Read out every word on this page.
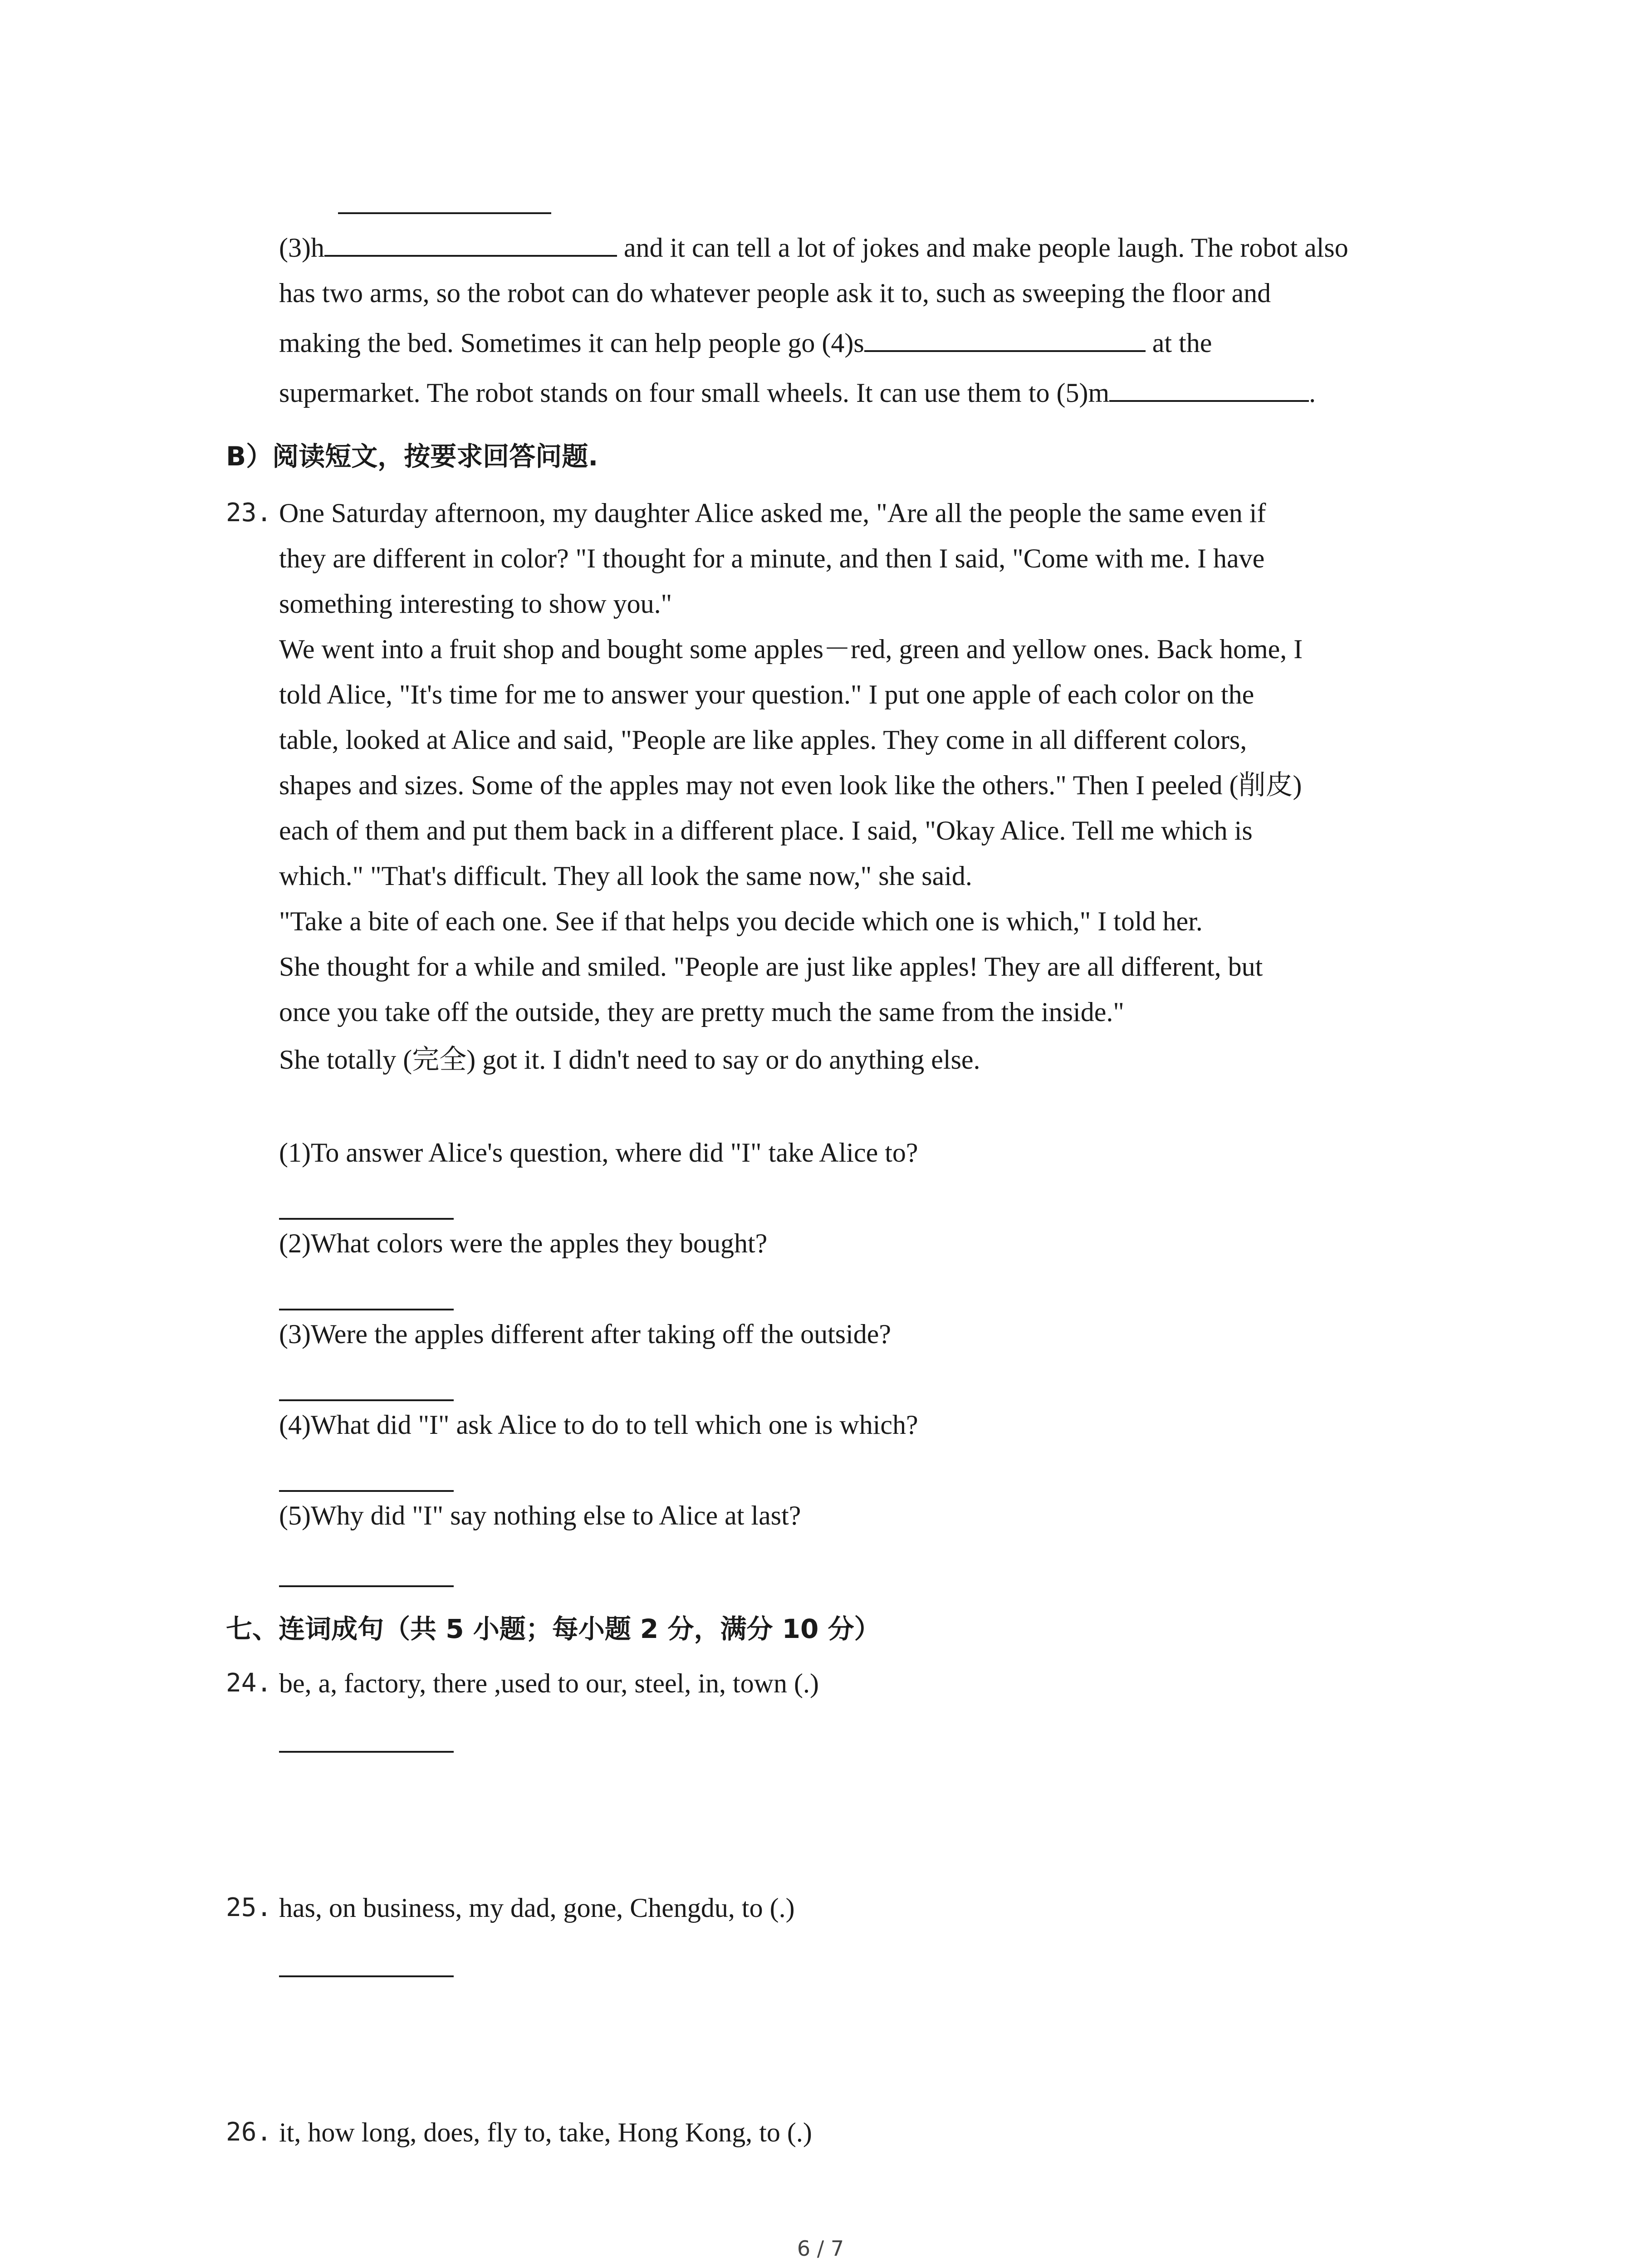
(3)h	and it can tell a lot of jokes and make people laugh. The robot also
has two arms, so the robot can do whatever people ask it to, such as sweeping the floor and
making the bed. Sometimes it can help people go (4)s	at the
supermarket. The robot stands on four small wheels. It can use them to (5)m	.
B）阅读短文，按要求回答问题.
23. One Saturday afternoon, my daughter Alice asked me, "Are all the people the same even if
they are different in color? "I thought for a minute, and then I said, "Come with me. I have
something interesting to show you."
We went into a fruit shop and bought some apples－red, green and yellow ones. Back home, I
told Alice, "It's time for me to answer your question." I put one apple of each color on the
table, looked at Alice and said, "People are like apples. They come in all different colors,
shapes and sizes. Some of the apples may not even look like the others." Then I peeled (削皮)
each of them and put them back in a different place. I said, "Okay Alice. Tell me which is
which." "That's difficult. They all look the same now," she said.
"Take a bite of each one. See if that helps you decide which one is which," I told her.
She thought for a while and smiled. "People are just like apples! They are all different, but
once you take off the outside, they are pretty much the same from the inside."
She totally (完全) got it. I didn't need to say or do anything else.
(1)To answer Alice's question, where did "I" take Alice to?
(2)What colors were the apples they bought?
(3)Were the apples different after taking off the outside?
(4)What did "I" ask Alice to do to tell which one is which?
(5)Why did "I" say nothing else to Alice at last?
七、连词成句（共 5 小题；每小题 2 分，满分 10 分）
24. be, a, factory, there ,used to our, steel, in, town (.)
25. has, on business, my dad, gone, Chengdu, to (.)
26. it, how long, does, fly to, take, Hong Kong, to (.)
6 / 7
